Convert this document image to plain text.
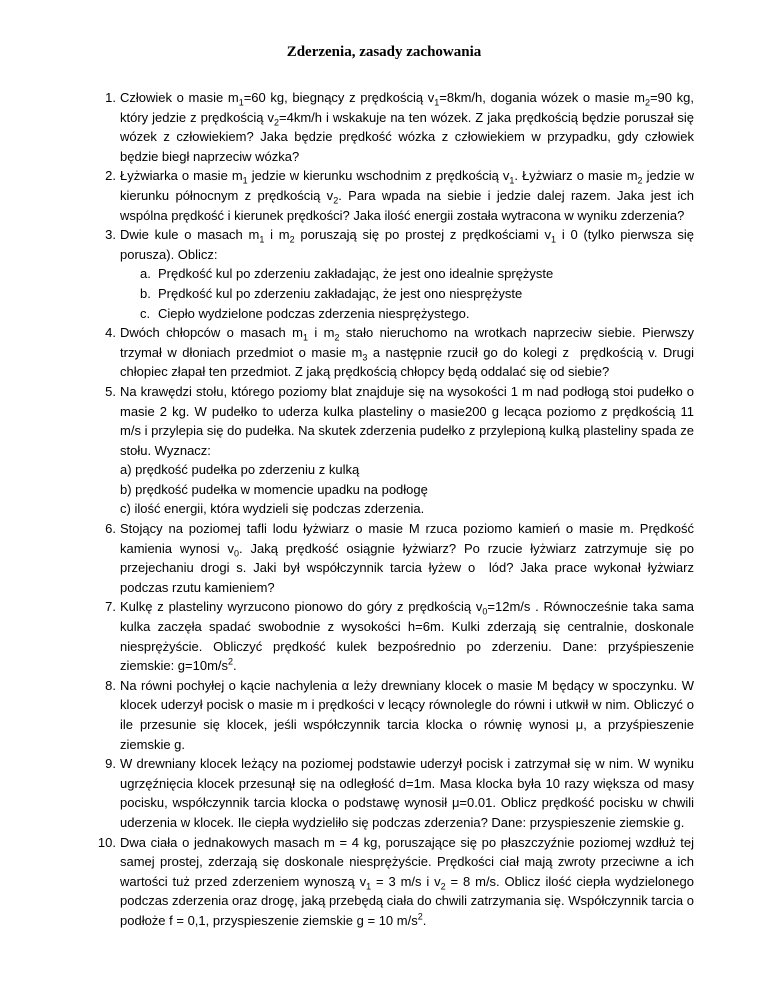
Zderzenia, zasady zachowania
1. Człowiek o masie $m_1=60$ kg, biegnący z prędkością $v_1=8km/h$, dogania wózek o masie $m_2=90$ kg, który jedzie z prędkością $v_2=4km/h$ i wskakuje na ten wózek. Z jaka prędkością będzie poruszał się wózek z człowiekiem? Jaka będzie prędkość wózka z człowiekiem w przypadku, gdy człowiek będzie biegł naprzeciw wózka?
2. Łyżwiarka o masie $m_1$ jedzie w kierunku wschodnim z prędkością $v_1$. Łyżwiarz o masie $m_2$ jedzie w kierunku północnym z prędkością $v_2$. Para wpada na siebie i jedzie dalej razem. Jaka jest ich wspólna prędkość i kierunek prędkości? Jaka ilość energii została wytracona w wyniku zderzenia?
3. Dwie kule o masach $m_1$ i $m_2$ poruszają się po prostej z prędkościami $v_1$ i 0 (tylko pierwsza się porusza). Oblicz:
a. Prędkość kul po zderzeniu zakładając, że jest ono idealnie sprężyste
b. Prędkość kul po zderzeniu zakładając, że jest ono niesprężyste
c. Ciepło wydzielone podczas zderzenia niesprężystego.
4. Dwóch chłopców o masach $m_1$ i $m_2$ stało nieruchomo na wrotkach naprzeciw siebie. Pierwszy trzymał w dłoniach przedmiot o masie $m_3$ a następnie rzucił go do kolegi z  prędkością v. Drugi chłopiec złapał ten przedmiot. Z jaką prędkością chłopcy będą oddalać się od siebie?
5. Na krawędzi stołu, którego poziomy blat znajduje się na wysokości 1 m nad podłogą stoi pudełko o masie 2 kg. W pudełko to uderza kulka plasteliny o masie200 g lecąca poziomo z prędkością 11 m/s i przylepia się do pudełka. Na skutek zderzenia pudełko z przylepioną kulką plasteliny spada ze stołu. Wyznacz:
a) prędkość pudełka po zderzeniu z kulką
b) prędkość pudełka w momencie upadku na podłogę
c) ilość energii, która wydzieli się podczas zderzenia.
6. Stojący na poziomej tafli lodu łyżwiarz o masie M rzuca poziomo kamień o masie m. Prędkość kamienia wynosi $v_0$. Jaką prędkość osiągnie łyżwiarz? Po rzucie łyżwiarz zatrzymuje się po przejechaniu drogi s. Jaki był współczynnik tarcia łyżew o  lód? Jaka prace wykonał łyżwiarz podczas rzutu kamieniem?
7. Kulkę z plasteliny wyrzucono pionowo do góry z prędkością $v_0=12m/s$ . Równocześnie taka sama kulka zaczęła spadać swobodnie z wysokości h=6m. Kulki zderzają się centralnie, doskonale niesprężyście. Obliczyć prędkość kulek bezpośrednio po zderzeniu. Dane: przyśpieszenie ziemskie: $g=10m/s^2$.
8. Na równi pochyłej o kącie nachylenia α leży drewniany klocek o masie M będący w spoczynku. W klocek uderzył pocisk o masie m i prędkości v lecący równolegle do równi i utkwił w nim. Obliczyć o ile przesunie się klocek, jeśli współczynnik tarcia klocka o równię wynosi μ, a przyśpieszenie ziemskie g.
9. W drewniany klocek leżący na poziomej podstawie uderzył pocisk i zatrzymał się w nim. W wyniku ugrzęźnięcia klocek przesunął się na odległość d=1m. Masa klocka była 10 razy większa od masy pocisku, współczynnik tarcia klocka o podstawę wynosił μ=0.01. Oblicz prędkość pocisku w chwili uderzenia w klocek. Ile ciepła wydzieliło się podczas zderzenia? Dane: przyspieszenie ziemskie g.
10. Dwa ciała o jednakowych masach m = 4 kg, poruszające się po płaszczyźnie poziomej wzdłuż tej samej prostej, zderzają się doskonale niesprężyście. Prędkości ciał mają zwroty przeciwne a ich wartości tuż przed zderzeniem wynoszą $v_1 = 3$ m/s i $v_2 = 8$ m/s. Oblicz ilość ciepła wydzielonego podczas zderzenia oraz drogę, jaką przebędą ciała do chwili zatrzymania się. Współczynnik tarcia o podłoże f = 0,1, przyspieszenie ziemskie g = 10 $m/s^2$.
